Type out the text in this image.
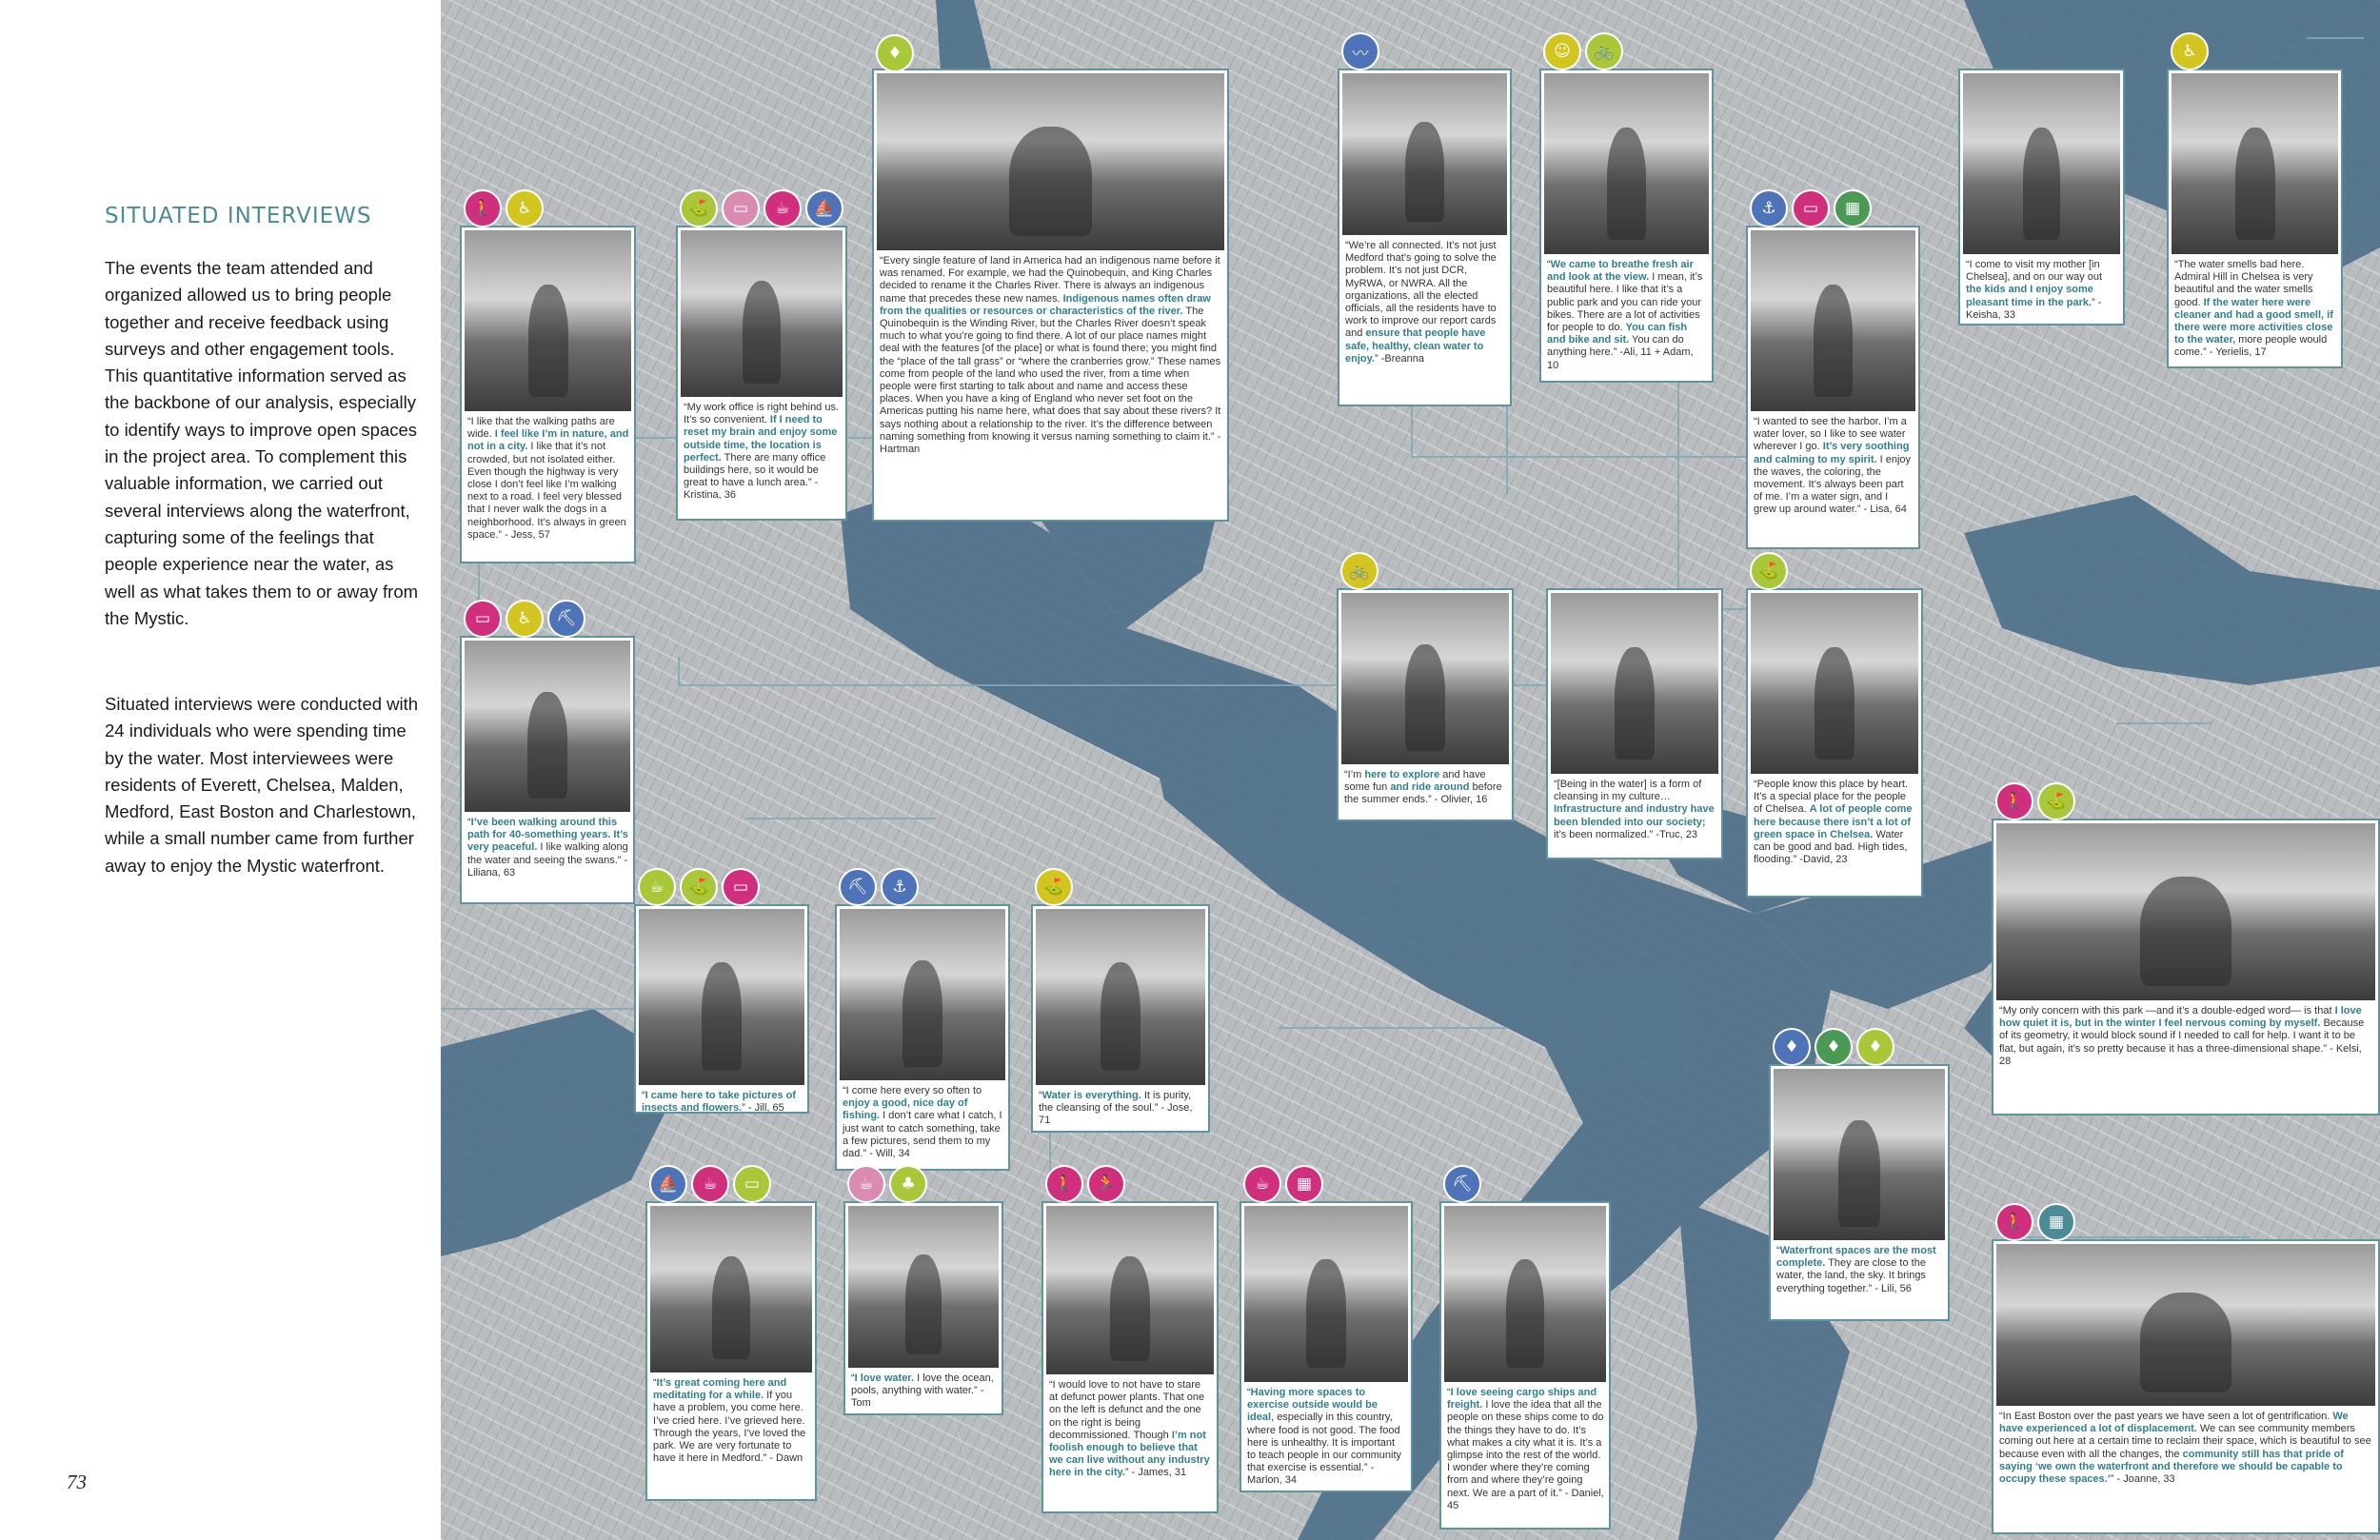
SITUATED INTERVIEWS

The events the team attended and organized allowed us to bring people together and receive feedback using surveys and other engagement tools. This quantitative information served as the backbone of our analysis, especially to identify ways to improve open spaces in the project area. To complement this valuable information, we carried out several interviews along the waterfront, capturing some of the feelings that people experience near the water, as well as what takes them to or away from the Mystic.

Situated interviews were conducted with 24 individuals who were spending time by the water. Most interviewees were residents of Everett, Chelsea, Malden, Medford, East Boston and Charlestown, while a small number came from further away to enjoy the Mystic waterfront.

73
“I like that the walking paths are wide. I feel like I’m in nature, and not in a city. I like that it’s not crowded, but not isolated either. Even though the highway is very close I don’t feel like I’m walking next to a road. I feel very blessed that I never walk the dogs in a neighborhood. It’s always in green space.” - Jess, 57
🚶	♿
“My work office is right behind us. It’s so convenient. If I need to reset my brain and enjoy some outside time, the location is perfect. There are many office buildings here, so it would be great to have a lunch area.” - Kristina, 36
⛳	▭	☕	⛵
“Every single feature of land in America had an indigenous name before it was renamed. For example, we had the Quinobequin, and King Charles decided to rename it the Charles River. There is always an indigenous name that precedes these new names. Indigenous names often draw from the qualities or resources or characteristics of the river. The Quinobequin is the Winding River, but the Charles River doesn’t speak much to what you’re going to find there. A lot of our place names might deal with the features [of the place] or what is found there; you might find the “place of the tall grass” or “where the cranberries grow.” These names come from people of the land who used the river, from a time when people were first starting to talk about and name and access these places. When you have a king of England who never set foot on the Americas putting his name here, what does that say about these rivers? It says nothing about a relationship to the river. It’s the difference between naming something from knowing it versus naming something to claim it.” - Hartman
♦
“We’re all connected. It’s not just Medford that’s going to solve the problem. It’s not just DCR, MyRWA, or NWRA. All the organizations, all the elected officials, all the residents have to work to improve our report cards and ensure that people have safe, healthy, clean water to enjoy.” -Breanna
〰
“We came to breathe fresh air and look at the view. I mean, it’s beautiful here. I like that it’s a public park and you can ride your bikes. There are a lot of activities for people to do. You can fish and bike and sit. You can do anything here.” -Ali, 11 + Adam, 10
☺	🚲
“I wanted to see the harbor. I’m a water lover, so I like to see water wherever I go. It’s very soothing and calming to my spirit. I enjoy the waves, the coloring, the movement. It’s always been part of me. I’m a water sign, and I grew up around water.” - Lisa, 64
⚓	▭	▦
“I come to visit my mother [in Chelsea], and on our way out the kids and I enjoy some pleasant time in the park.” - Keisha, 33
“The water smells bad here. Admiral Hill in Chelsea is very beautiful and the water smells good. If the water here were cleaner and had a good smell, if there were more activities close to the water, more people would come.” - Yerielis, 17
♿
“I’ve been walking around this path for 40-something years. It’s very peaceful. I like walking along the water and seeing the swans.” - Liliana, 63
▭	♿	⛏
“I’m here to explore and have some fun and ride around before the summer ends.” - Olivier, 16
🚲
“[Being in the water] is a form of cleansing in my culture… Infrastructure and industry have been blended into our society; it’s been normalized.” -Truc, 23
“People know this place by heart. It’s a special place for the people of Chelsea. A lot of people come here because there isn’t a lot of green space in Chelsea. Water can be good and bad. High tides, flooding.” -David, 23
⛳
“I came here to take pictures of insects and flowers.” - Jill, 65
☕	⛳	▭
“I come here every so often to enjoy a good, nice day of fishing. I don’t care what I catch, I just want to catch something, take a few pictures, send them to my dad.” - Will, 34
⛏	⚓
“Water is everything. It is purity, the cleansing of the soul.” - Jose, 71
⛳
“My only concern with this park —and it’s a double-edged word— is that I love how quiet it is, but in the winter I feel nervous coming by myself. Because of its geometry, it would block sound if I needed to call for help. I want it to be flat, but again, it’s so pretty because it has a three-dimensional shape.” - Kelsi, 28
🚶	⛳
“Waterfront spaces are the most complete. They are close to the water, the land, the sky. It brings everything together.” - Lili, 56
♦	♦	♦
“It’s great coming here and meditating for a while. If you have a problem, you come here. I’ve cried here. I’ve grieved here. Through the years, I’ve loved the park. We are very fortunate to have it here in Medford.” - Dawn
⛵	☕	▭
“I love water. I love the ocean, pools, anything with water.” - Tom
☕	♣
“I would love to not have to stare at defunct power plants. That one on the left is defunct and the one on the right is being decommissioned. Though I’m not foolish enough to believe that we can live without any industry here in the city.” - James, 31
🚶	🏃
“Having more spaces to exercise outside would be ideal, especially in this country, where food is not good. The food here is unhealthy. It is important to teach people in our community that exercise is essential.” - Marlon, 34
☕	▦
“I love seeing cargo ships and freight. I love the idea that all the people on these ships come to do the things they have to do. It’s what makes a city what it is. It’s a glimpse into the rest of the world. I wonder where they’re coming from and where they’re going next. We are a part of it.” - Daniel, 45
⛏
“In East Boston over the past years we have seen a lot of gentrification. We have experienced a lot of displacement. We can see community members coming out here at a certain time to reclaim their space, which is beautiful to see because even with all the changes, the community still has that pride of saying ‘we own the waterfront and therefore we should be capable to occupy these spaces.’” - Joanne, 33
🚶	▦
